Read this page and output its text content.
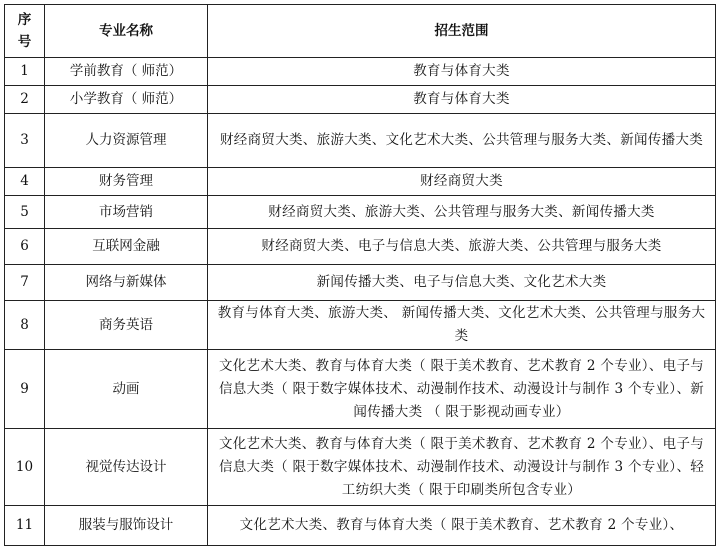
序
号	专业名称	招生范围
1	学前教育（ 师范）	教育与体育大类

2	小学教育（ 师范）	教育与体育大类

3	人力资源管理	财经商贸大类、旅游大类、文化艺术大类、公共管理与服务大类、新闻传播大类

4	财务管理	财经商贸大类

5	市场营销	财经商贸大类、旅游大类、公共管理与服务大类、新闻传播大类

6	互联网金融	财经商贸大类、电子与信息大类、旅游大类、公共管理与服务大类

7	网络与新媒体	新闻传播大类、电子与信息大类、文化艺术大类

8	商务英语	教育与体育大类、旅游大类、 新闻传播大类、文化艺术大类、公共管理与服务大类

9	动画	文化艺术大类、教育与体育大类（ 限于美术教育、艺术教育 2 个专业）、电子与信息大类（ 限于数字媒体技术、动漫制作技术、动漫设计与制作 3 个专业）、新闻传播大类 （ 限于影视动画专业）

10	视觉传达设计	文化艺术大类、教育与体育大类（ 限于美术教育、艺术教育 2 个专业）、电子与信息大类（ 限于数字媒体技术、动漫制作技术、动漫设计与制作 3 个专业）、轻工纺织大类（ 限于印刷类所包含专业）

11	服装与服饰设计	文化艺术大类、教育与体育大类（ 限于美术教育、艺术教育 2 个专业）、
